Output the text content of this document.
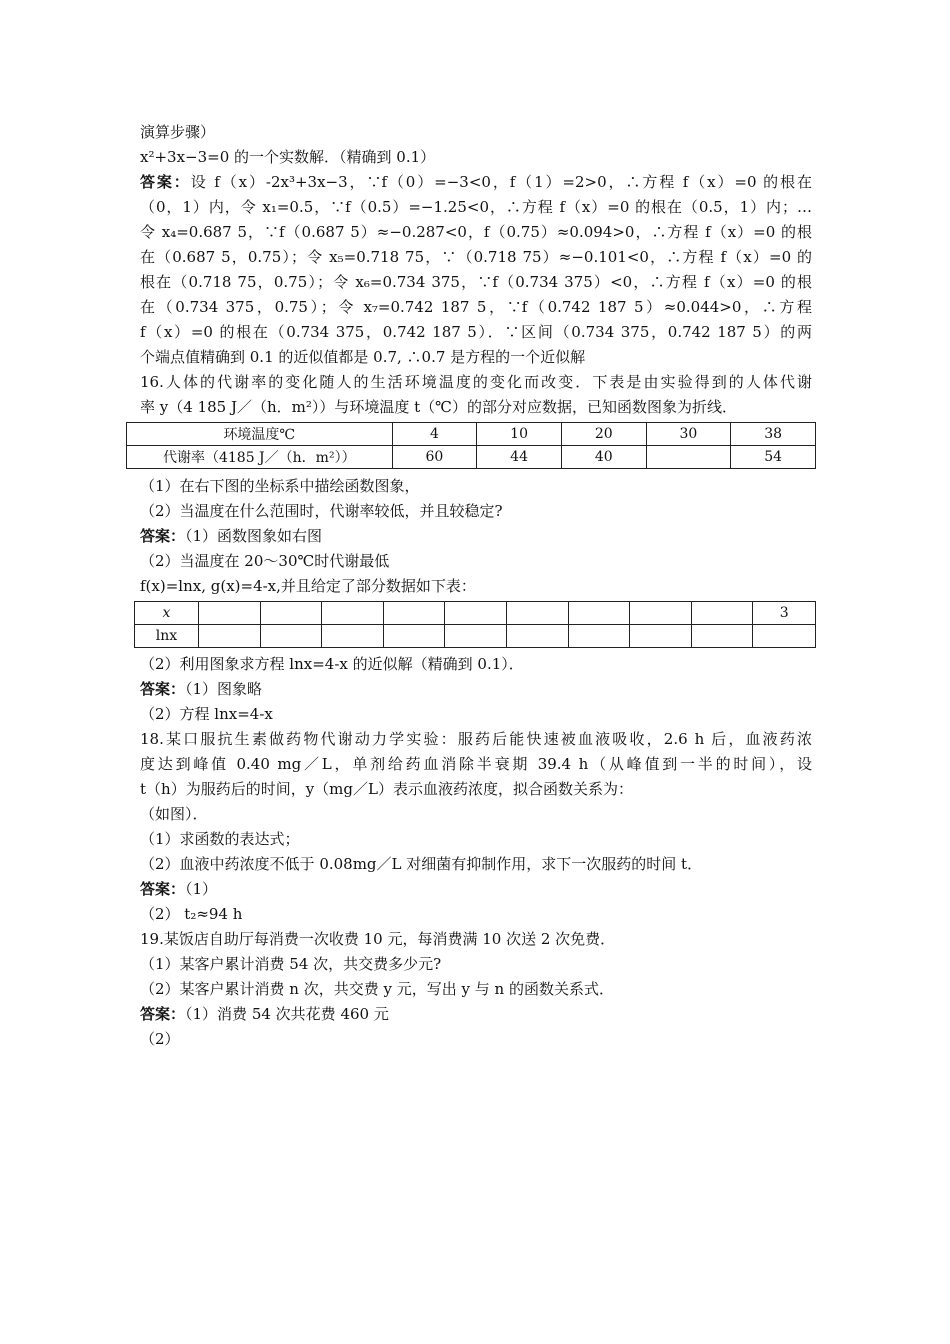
演算步骤）
x²+3x−3=0 的一个实数解．（精确到 0.1）
答案：设 f（x）-2x³+3x−3，∵f（0）=−3<0，f（1）=2>0，∴方程 f（x）=0 的根在
（0，1）内，令 x₁=0.5，∵f（0.5）=−1.25<0，∴方程 f（x）=0 的根在（0.5，1）内；…
令 x₄=0.687 5，∵f（0.687 5）≈−0.287<0，f（0.75）≈0.094>0，∴方程 f（x）=0 的根
在（0.687 5，0.75）；令 x₅=0.718 75，∵（0.718 75）≈−0.101<0，∴方程 f（x）=0 的
根在（0.718 75，0.75）；令 x₆=0.734 375，∵f（0.734 375）<0，∴方程 f（x）=0 的根
在（0.734 375，0.75）；令 x₇=0.742 187 5，∵f（0.742 187 5）≈0.044>0，∴方程
f（x）=0 的根在（0.734 375，0.742 187 5）．∵区间（0.734 375，0.742 187 5）的两
个端点值精确到 0.1 的近似值都是 0.7, ∴0.7 是方程的一个近似解
16.人体的代谢率的变化随人的生活环境温度的变化而改变．下表是由实验得到的人体代谢
率 y（4 185 J／（h．m²））与环境温度 t（℃）的部分对应数据，已知函数图象为折线．
环境温度℃	4	10	20	30	38
代谢率（4185 J／（h．m²））	60	44	40		54
（1）在右下图的坐标系中描绘函数图象，
（2）当温度在什么范围时，代谢率较低，并且较稳定?
答案：（1）函数图象如右图
（2）当温度在 20～30℃时代谢最低
f(x)=lnx, g(x)=4-x,并且给定了部分数据如下表：
x										3
lnx										
（2）利用图象求方程 lnx=4-x 的近似解（精确到 0.1）．
答案：（1）图象略
（2）方程 lnx=4-x
18.某口服抗生素做药物代谢动力学实验：服药后能快速被血液吸收，2.6 h 后，血液药浓
度达到峰值 0.40 mg／L，单剂给药血消除半衰期 39.4 h（从峰值到一半的时间），设
t（h）为服药后的时间，y（mg／L）表示血液药浓度，拟合函数关系为：
（如图）．
（1）求函数的表达式；
（2）血液中药浓度不低于 0.08mg／L 对细菌有抑制作用，求下一次服药的时间 t．
答案：（1）
（2） t₂≈94 h
19.某饭店自助厅每消费一次收费 10 元，每消费满 10 次送 2 次免费．
（1）某客户累计消费 54 次，共交费多少元?
（2）某客户累计消费 n 次，共交费 y 元，写出 y 与 n 的函数关系式．
答案：（1）消费 54 次共花费 460 元
（2）
